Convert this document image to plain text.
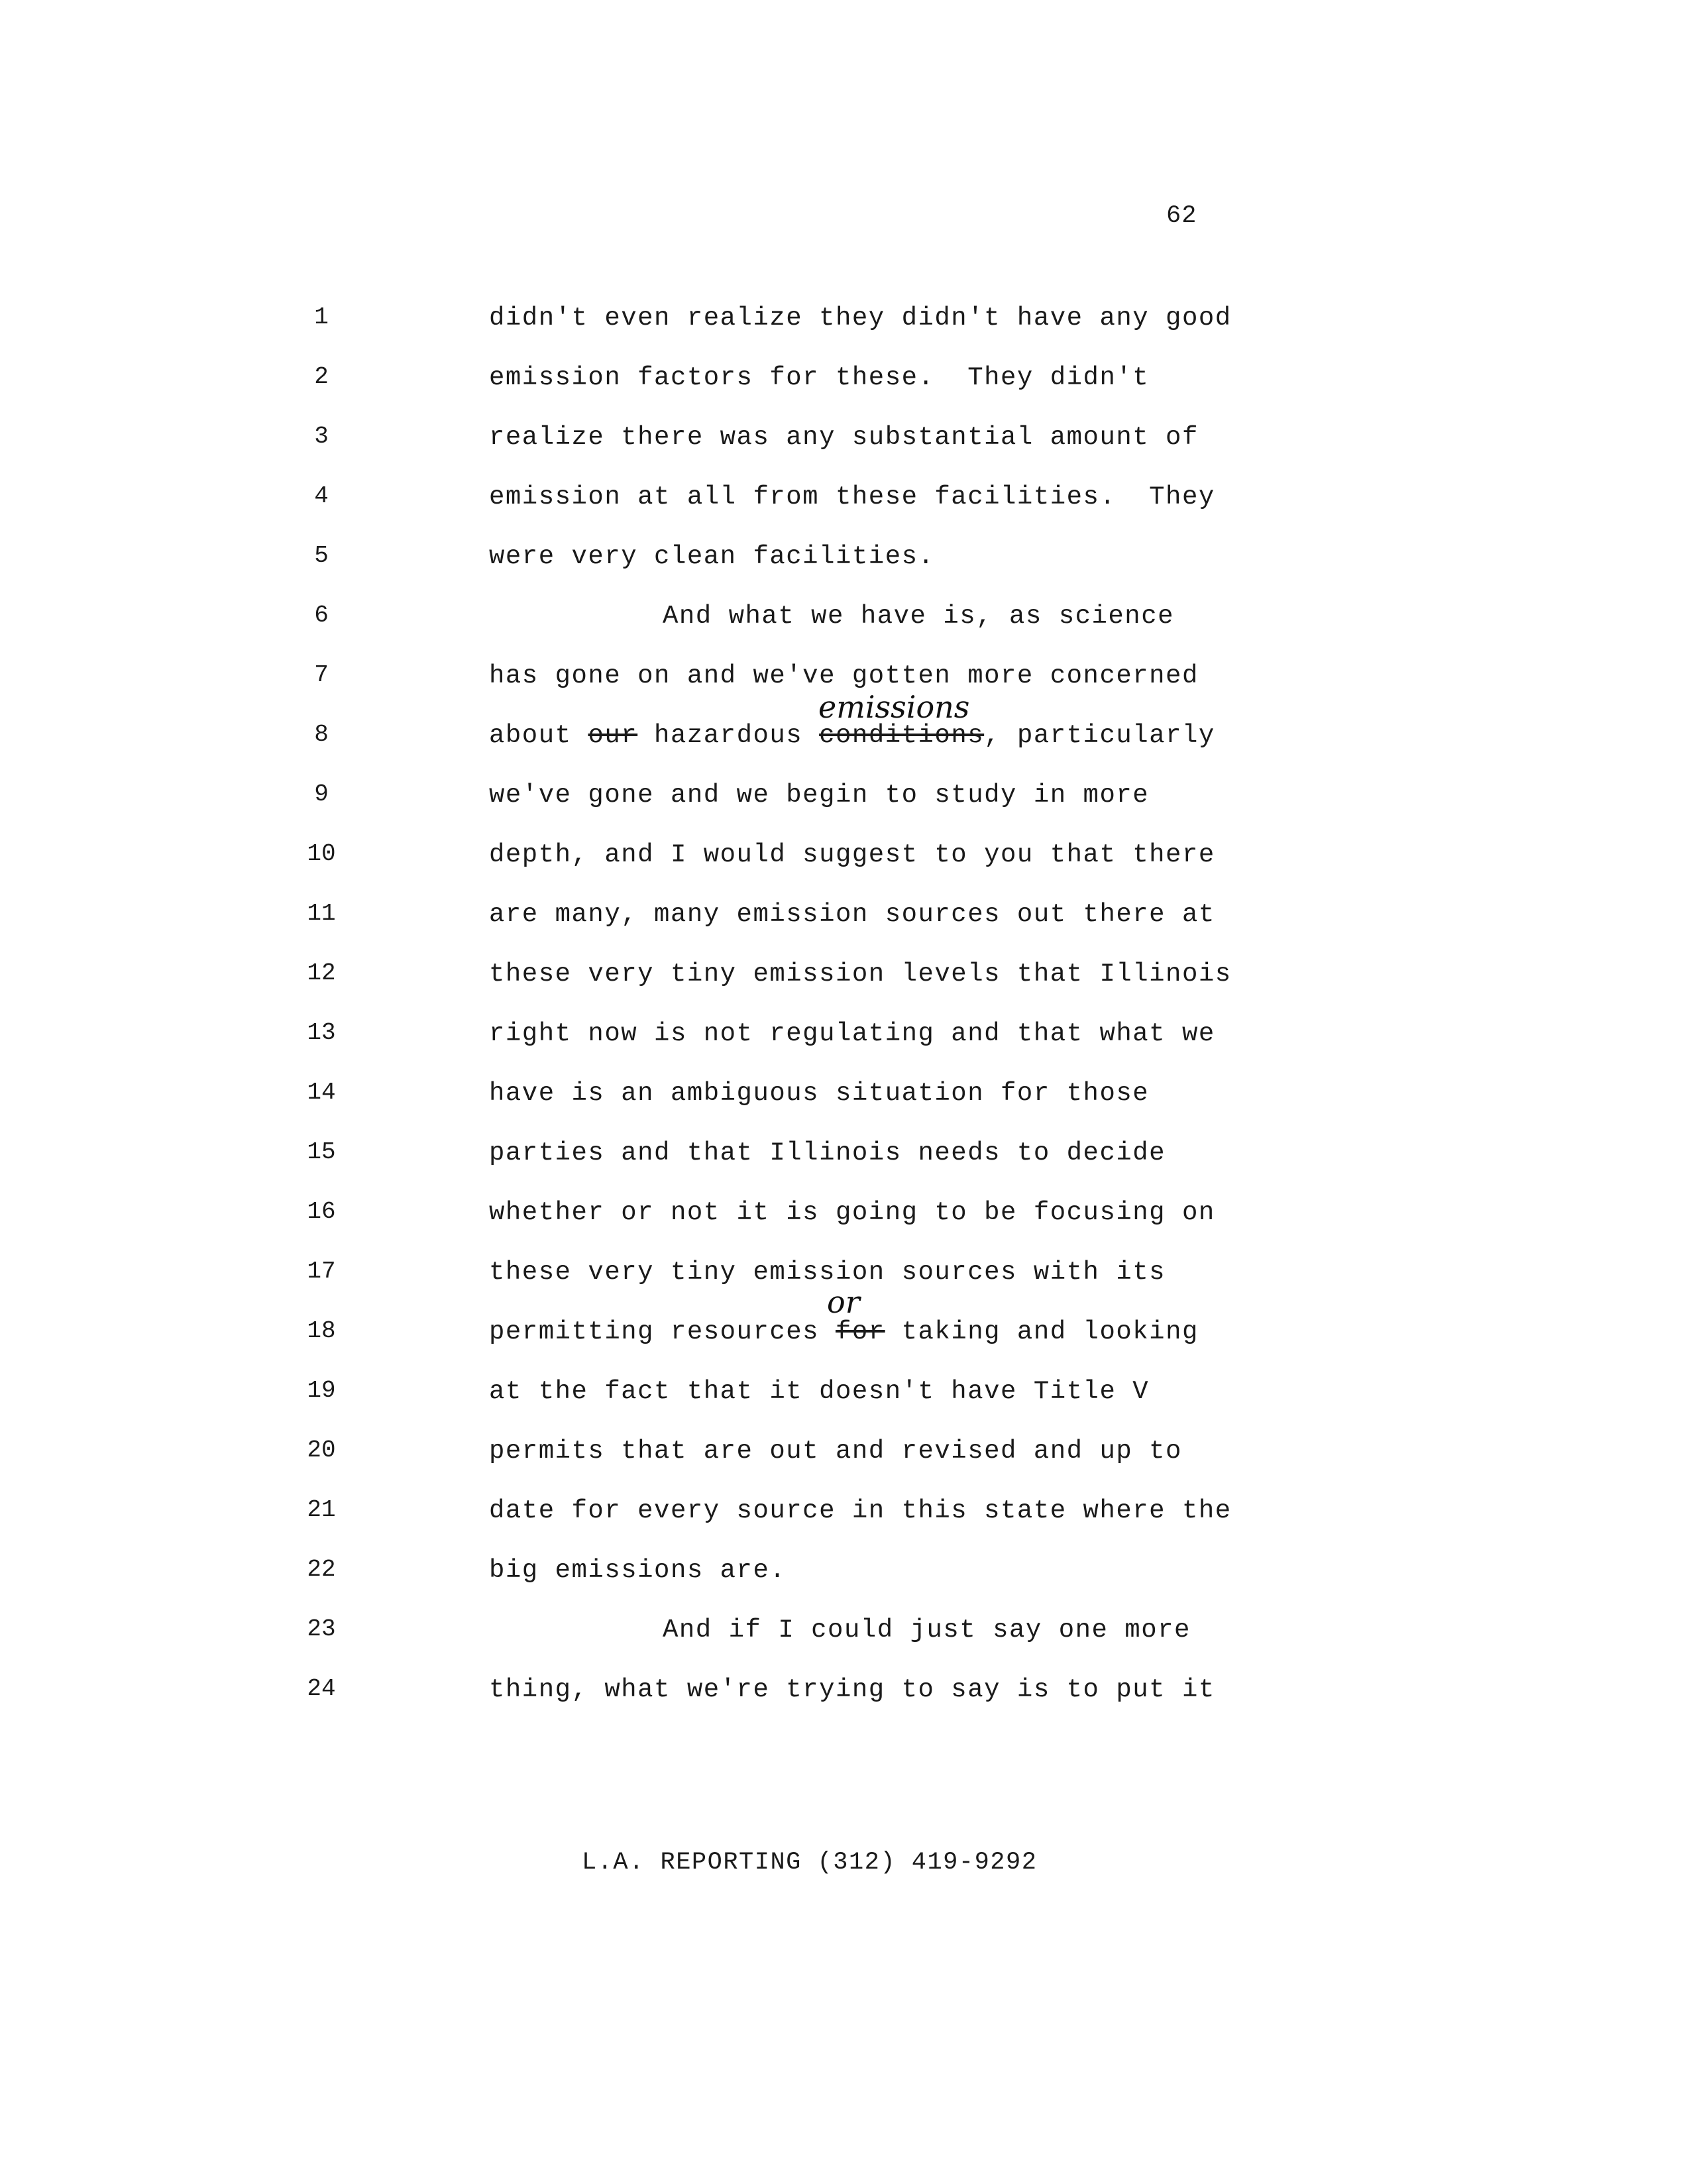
62
1	didn't even realize they didn't have any good
2	emission factors for these.  They didn't
3	realize there was any substantial amount of
4	emission at all from these facilities.  They
5	were very clean facilities.
6	And what we have is, as science
7	has gone on and we've gotten more concerned
8	about our hazardous conditions, particularly
emissions
9	we've gone and we begin to study in more
10	depth, and I would suggest to you that there
11	are many, many emission sources out there at
12	these very tiny emission levels that Illinois
13	right now is not regulating and that what we
14	have is an ambiguous situation for those
15	parties and that Illinois needs to decide
16	whether or not it is going to be focusing on
17	these very tiny emission sources with its
18	permitting resources for taking and looking
or
19	at the fact that it doesn't have Title V
20	permits that are out and revised and up to
21	date for every source in this state where the
22	big emissions are.
23	And if I could just say one more
24	thing, what we're trying to say is to put it
L.A. REPORTING (312) 419-9292
